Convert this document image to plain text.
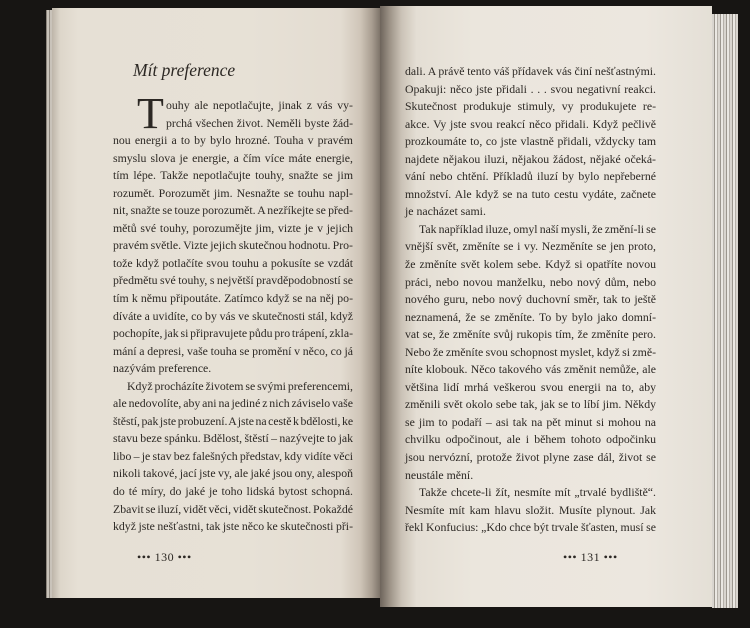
Mít preference
T ouhy ale nepotlačujte, jinak z vás vy-
prchá všechen život. Neměli byste žád-
nou energii a to by bylo hrozné. Touha v pravém
smyslu slova je energie, a čím více máte energie,
tím lépe. Takže nepotlačujte touhy, snažte se jim
rozumět. Porozumět jim. Nesnažte se touhu napl-
nit, snažte se touze porozumět. A nezříkejte se před-
mětů své touhy, porozumějte jim, vizte je v jejich
pravém světle. Vizte jejich skutečnou hodnotu. Pro-
tože když potlačíte svou touhu a pokusíte se vzdát
předmětu své touhy, s největší pravděpodobností se
tím k němu připoutáte. Zatímco když se na něj po-
díváte a uvidíte, co by vás ve skutečnosti stál, když
pochopíte, jak si připravujete půdu pro trápení, zkla-
mání a depresi, vaše touha se promění v něco, co já
nazývám preference.
Když procházíte životem se svými preferencemi,
ale nedovolíte, aby ani na jediné z nich záviselo vaše
štěstí, pak jste probuzení. A jste na cestě k bdělosti, ke
stavu beze spánku. Bdělost, štěstí – nazývejte to jak
libo – je stav bez falešných představ, kdy vidíte věci
nikoli takové, jací jste vy, ale jaké jsou ony, alespoň
do té míry, do jaké je toho lidská bytost schopná.
Zbavit se iluzí, vidět věci, vidět skutečnost. Pokaždé
když jste nešťastni, tak jste něco ke skutečnosti při-
••• 130 •••
dali. A právě tento váš přídavek vás činí nešťastnými.
Opakuji: něco jste přidali . . . svou negativní reakci.
Skutečnost produkuje stimuly, vy produkujete re-
akce. Vy jste svou reakcí něco přidali. Když pečlivě
prozkoumáte to, co jste vlastně přidali, vždycky tam
najdete nějakou iluzi, nějakou žádost, nějaké očeká-
vání nebo chtění. Příkladů iluzí by bylo nepřeberné
množství. Ale když se na tuto cestu vydáte, začnete
je nacházet sami.
Tak například iluze, omyl naší mysli, že změní-li se
vnější svět, změníte se i vy. Nezměníte se jen proto,
že změníte svět kolem sebe. Když si opatříte novou
práci, nebo novou manželku, nebo nový dům, nebo
nového guru, nebo nový duchovní směr, tak to ještě
neznamená, že se změníte. To by bylo jako domní-
vat se, že změníte svůj rukopis tím, že změníte pero.
Nebo že změníte svou schopnost myslet, když si změ-
níte klobouk. Něco takového vás změnit nemůže, ale
většina lidí mrhá veškerou svou energii na to, aby
změnili svět okolo sebe tak, jak se to líbí jim. Někdy
se jim to podaří – asi tak na pět minut si mohou na
chvilku odpočinout, ale i během tohoto odpočinku
jsou nervózní, protože život plyne zase dál, život se
neustále mění.
Takže chcete-li žít, nesmíte mít „trvalé bydliště“.
Nesmíte mít kam hlavu složit. Musíte plynout. Jak
řekl Konfucius: „Kdo chce být trvale šťasten, musí se
••• 131 •••
